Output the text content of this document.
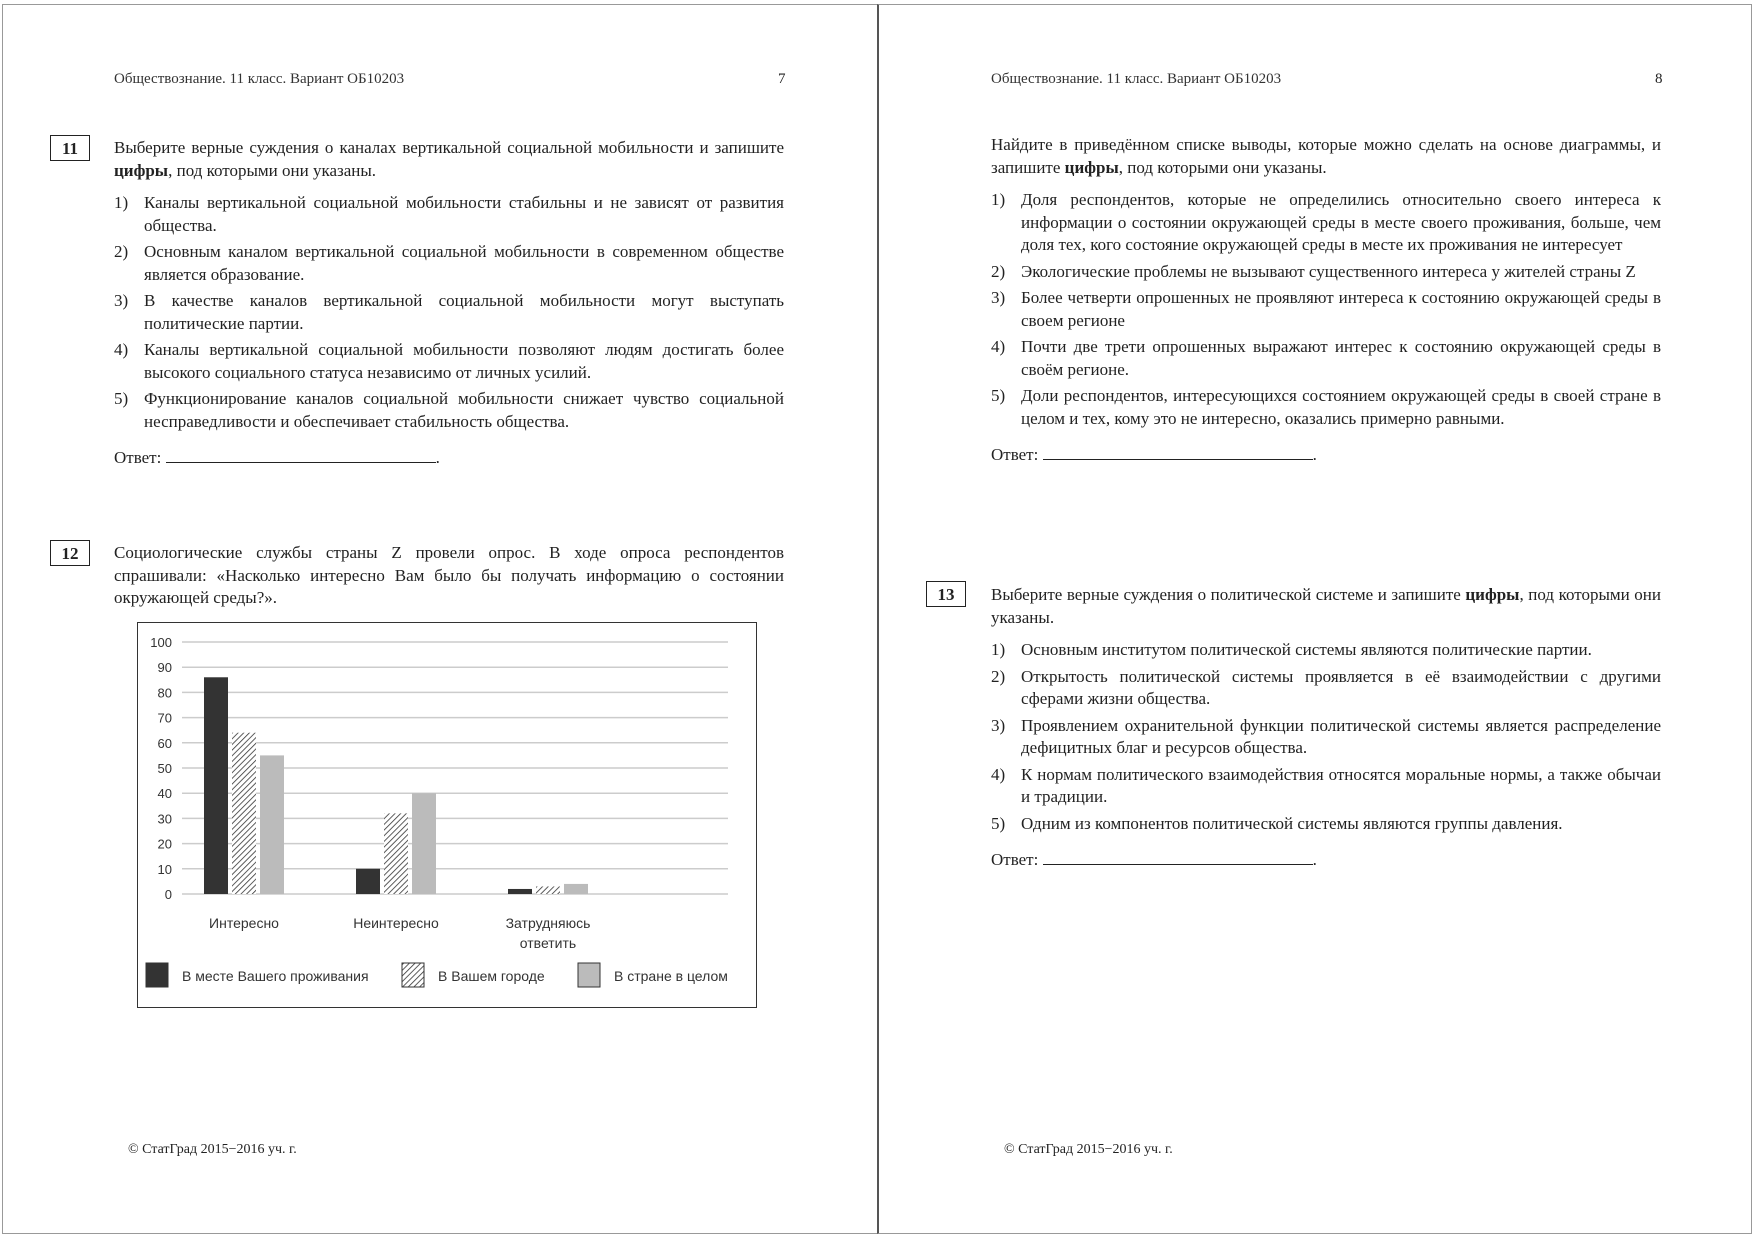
Обществознание. 11 класс. Вариант ОБ10203	7
11	Выберите верные суждения о каналах вертикальной социальной мобильности и запишите цифры, под которыми они указаны.

1) Каналы вертикальной социальной мобильности стабильны и не зависят от развития общества.
2) Основным каналом вертикальной социальной мобильности в современном обществе является образование.
3) В качестве каналов вертикальной социальной мобильности могут выступать политические партии.
4) Каналы вертикальной социальной мобильности позволяют людям достигать более высокого социального статуса независимо от личных усилий.
5) Функционирование каналов социальной мобильности снижает чувство социальной несправедливости и обеспечивает стабильность общества.
Ответ:	.
12	Социологические службы страны Z провели опрос. В ходе опроса респондентов спрашивали: «Насколько интересно Вам было бы получать информацию о состоянии окружающей среды?».

0
10
20
30
40
50
60
70
80
90
100
Интересно	Неинтересно	Затрудняюсь
ответить
В месте Вашего проживания	В Вашем городе	В стране в целом
© СтатГрад 2015−2016 уч. г.
Обществознание. 11 класс. Вариант ОБ10203	8

Найдите в приведённом списке выводы, которые можно сделать на основе диаграммы, и запишите цифры, под которыми они указаны.

1) Доля респондентов, которые не определились относительно своего интереса к информации о состоянии окружающей среды в месте своего проживания, больше, чем доля тех, кого состояние окружающей среды в месте их проживания не интересует
2) Экологические проблемы не вызывают существенного интереса у жителей страны Z
3) Более четверти опрошенных не проявляют интереса к состоянию окружающей среды в своем регионе
4) Почти две трети опрошенных выражают интерес к состоянию окружающей среды в своём регионе.
5) Доли респондентов, интересующихся состоянием окружающей среды в своей стране в целом и тех, кому это не интересно, оказались примерно равными.
Ответ:	.
13	Выберите верные суждения о политической системе и запишите цифры, под которыми они указаны.

1) Основным институтом политической системы являются политические партии.
2) Открытость политической системы проявляется в её взаимодействии с другими сферами жизни общества.
3) Проявлением охранительной функции политической системы является распределение дефицитных благ и ресурсов общества.
4) К нормам политического взаимодействия относятся моральные нормы, а также обычаи и традиции.
5) Одним из компонентов политической системы являются группы давления.
Ответ:	.
© СтатГрад 2015−2016 уч. г.
